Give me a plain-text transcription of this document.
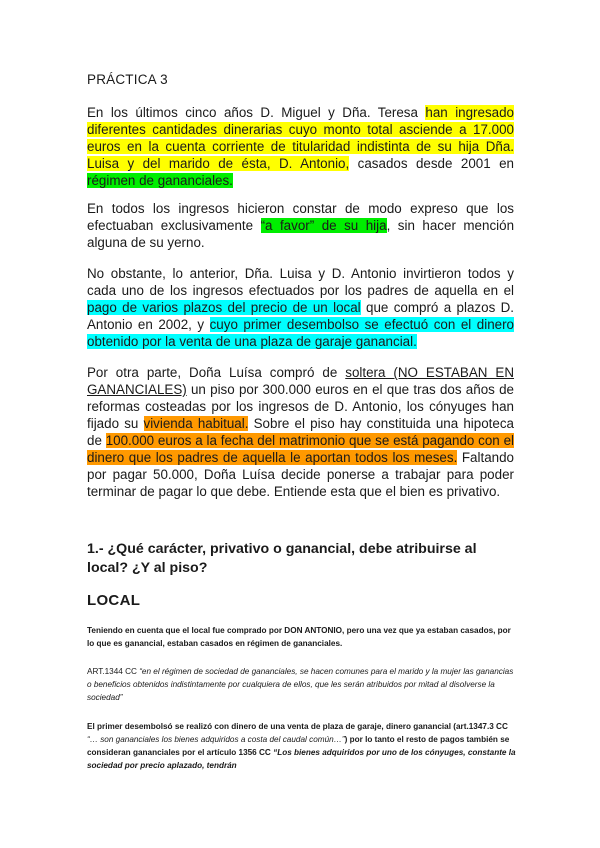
PRÁCTICA 3
En los últimos cinco años D. Miguel y Dña. Teresa han ingresado diferentes cantidades dinerarias cuyo monto total asciende a 17.000 euros en la cuenta corriente de titularidad indistinta de su hija Dña. Luisa y del marido de ésta, D. Antonio, casados desde 2001 en régimen de gananciales.
En todos los ingresos hicieron constar de modo expreso que los efectuaban exclusivamente “a favor” de su hija, sin hacer mención alguna de su yerno.
No obstante, lo anterior, Dña. Luisa y D. Antonio invirtieron todos y cada uno de los ingresos efectuados por los padres de aquella en el pago de varios plazos del precio de un local que compró a plazos D. Antonio en 2002, y cuyo primer desembolso se efectuó con el dinero obtenido por la venta de una plaza de garaje ganancial.
Por otra parte, Doña Luísa compró de soltera (NO ESTABAN EN GANANCIALES) un piso por 300.000 euros en el que tras dos años de reformas costeadas por los ingresos de D. Antonio, los cónyuges han fijado su vivienda habitual. Sobre el piso hay constituida una hipoteca de 100.000 euros a la fecha del matrimonio que se está pagando con el dinero que los padres de aquella le aportan todos los meses. Faltando por pagar 50.000, Doña Luísa decide ponerse a trabajar para poder terminar de pagar lo que debe. Entiende esta que el bien es privativo.
1.- ¿Qué carácter, privativo o ganancial, debe atribuirse al local? ¿Y al piso?
LOCAL
Teniendo en cuenta que el local fue comprado por DON ANTONIO, pero una vez que ya estaban casados, por lo que es ganancial, estaban casados en régimen de gananciales.
ART.1344 CC “en el régimen de sociedad de gananciales, se hacen comunes para el marido y la mujer las ganancias o beneficios obtenidos indistintamente por cualquiera de ellos, que les serán atribuidos por mitad al disolverse la sociedad”
El primer desembolsó se realizó con dinero de una venta de plaza de garaje, dinero ganancial (art.1347.3 CC “… son gananciales los bienes adquiridos a costa del caudal común…”) por lo tanto el resto de pagos también se consideran gananciales por el artículo 1356 CC “Los bienes adquiridos por uno de los cónyuges, constante la sociedad por precio aplazado, tendrán
